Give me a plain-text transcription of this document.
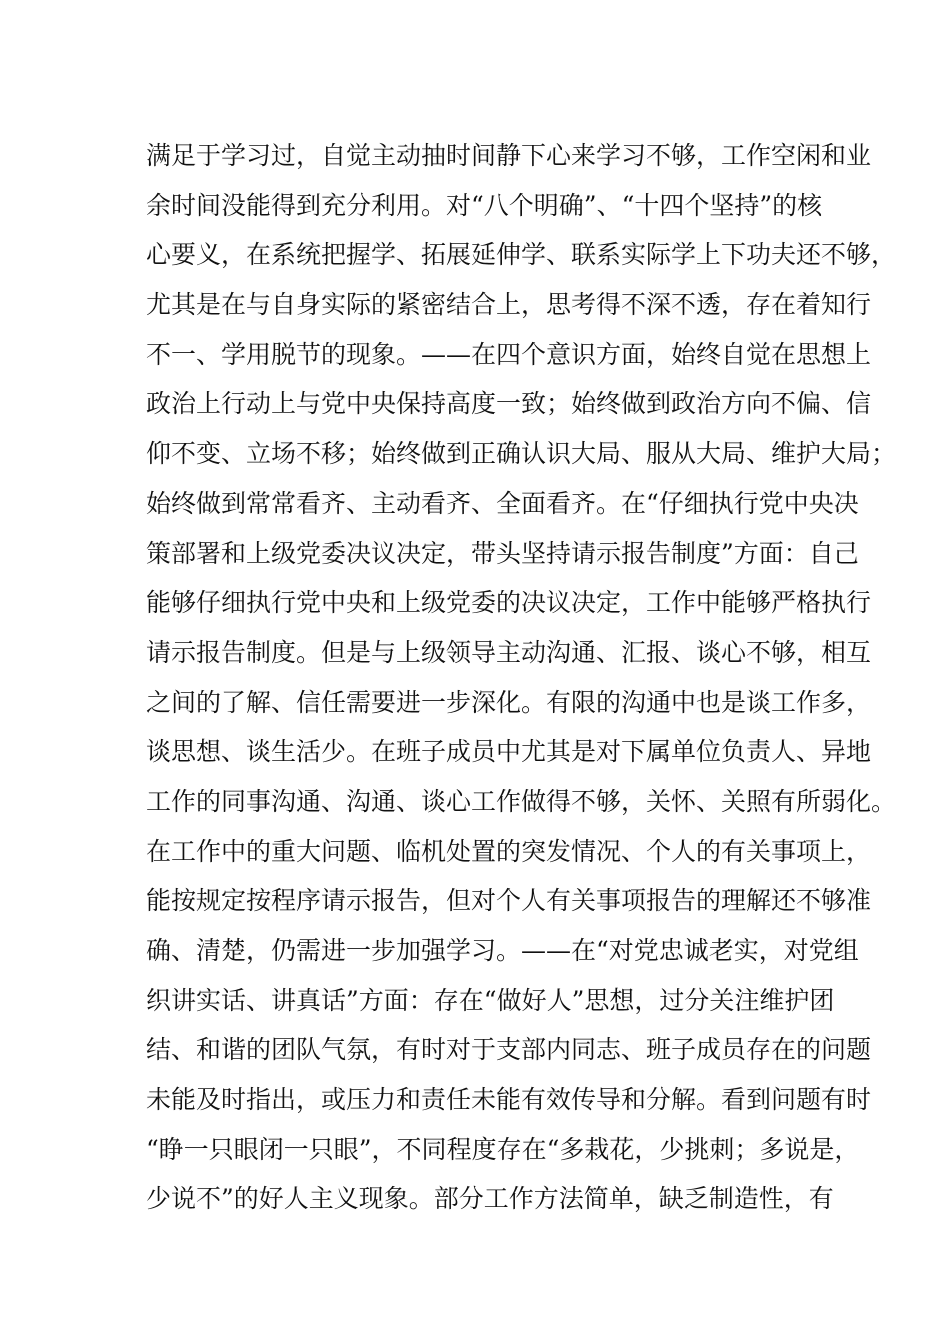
满足于学习过，自觉主动抽时间静下心来学习不够，工作空闲和业
余时间没能得到充分利用。对“八个明确”、“十四个坚持”的核
心要义，在系统把握学、拓展延伸学、联系实际学上下功夫还不够，
尤其是在与自身实际的紧密结合上，思考得不深不透，存在着知行
不一、学用脱节的现象。——在四个意识方面，始终自觉在思想上
政治上行动上与党中央保持高度一致；始终做到政治方向不偏、信
仰不变、立场不移；始终做到正确认识大局、服从大局、维护大局；
始终做到常常看齐、主动看齐、全面看齐。在“仔细执行党中央决
策部署和上级党委决议决定，带头坚持请示报告制度”方面：自己
能够仔细执行党中央和上级党委的决议决定，工作中能够严格执行
请示报告制度。但是与上级领导主动沟通、汇报、谈心不够，相互
之间的了解、信任需要进一步深化。有限的沟通中也是谈工作多，
谈思想、谈生活少。在班子成员中尤其是对下属单位负责人、异地
工作的同事沟通、沟通、谈心工作做得不够，关怀、关照有所弱化。
在工作中的重大问题、临机处置的突发情况、个人的有关事项上，
能按规定按程序请示报告，但对个人有关事项报告的理解还不够准
确、清楚，仍需进一步加强学习。——在“对党忠诚老实，对党组
织讲实话、讲真话”方面：存在“做好人”思想，过分关注维护团
结、和谐的团队气氛，有时对于支部内同志、班子成员存在的问题
未能及时指出，或压力和责任未能有效传导和分解。看到问题有时
“睁一只眼闭一只眼”，不同程度存在“多栽花，少挑刺；多说是，
少说不”的好人主义现象。部分工作方法简单，缺乏制造性，有
